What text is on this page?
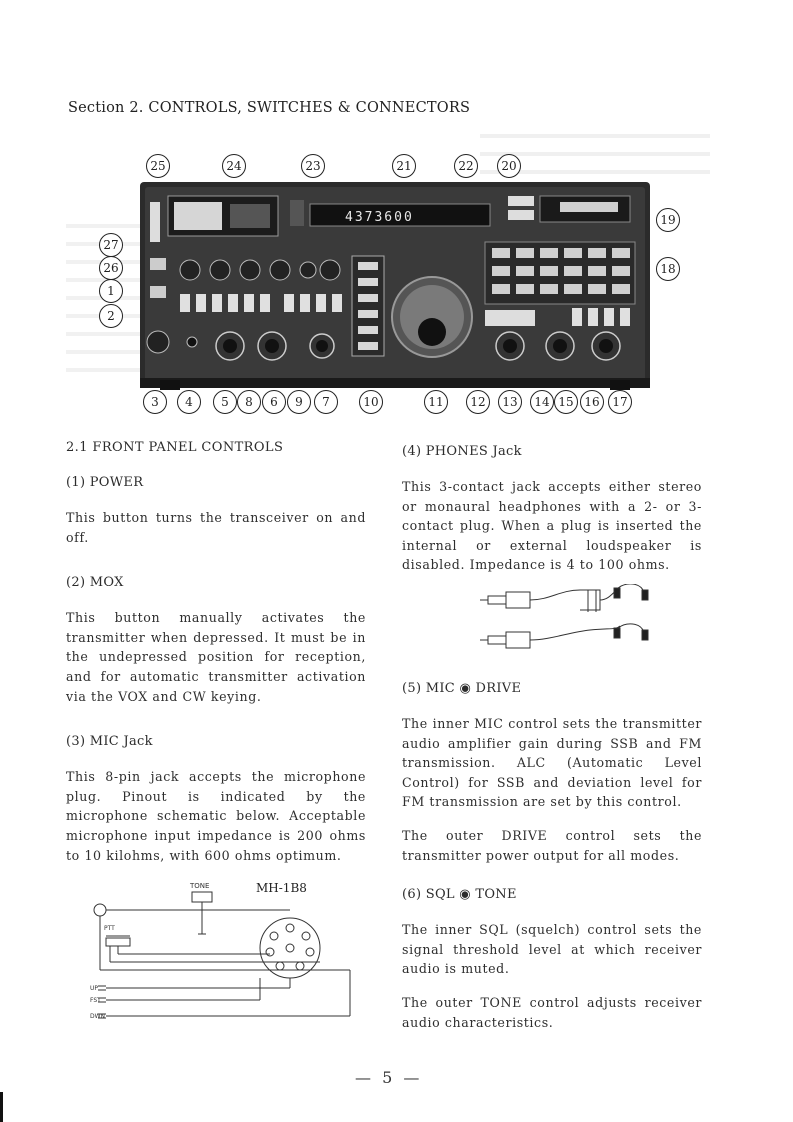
Section 2. CONTROLS, SWITCHES & CONNECTORS
4373600
25	24	23	21	22	20
19
18
27
26
1
2
3	4	5	8	6	9	7	10	11	12	13	14 15 16	17
2.1 FRONT PANEL CONTROLS
(1) POWER
This button turns the transceiver on and off.
(2) MOX
This button manually activates the transmitter when depressed. It must be in the undepressed position for reception, and for automatic transmitter activation via the VOX and CW keying.
(3) MIC Jack
This 8-pin jack accepts the microphone plug. Pinout is indicated by the microphone schematic below. Acceptable microphone input impedance is 200 ohms to 10 kilohms, with 600 ohms optimum.
TONE	MH-1B8
PTT
UP
FST
DWN
(4) PHONES Jack
This 3-contact jack accepts either stereo or monaural headphones with a 2- or 3-contact plug. When a plug is inserted the internal or external loudspeaker is disabled. Impedance is 4 to 100 ohms.
(5) MIC ◉ DRIVE
The inner MIC control sets the transmitter audio amplifier gain during SSB and FM transmission. ALC (Automatic Level Control) for SSB and deviation level for FM transmission are set by this control.
The outer DRIVE control sets the transmitter power output for all modes.
(6) SQL ◉ TONE
The inner SQL (squelch) control sets the signal threshold level at which receiver audio is muted.
The outer TONE control adjusts receiver audio characteristics.
— 5 —
